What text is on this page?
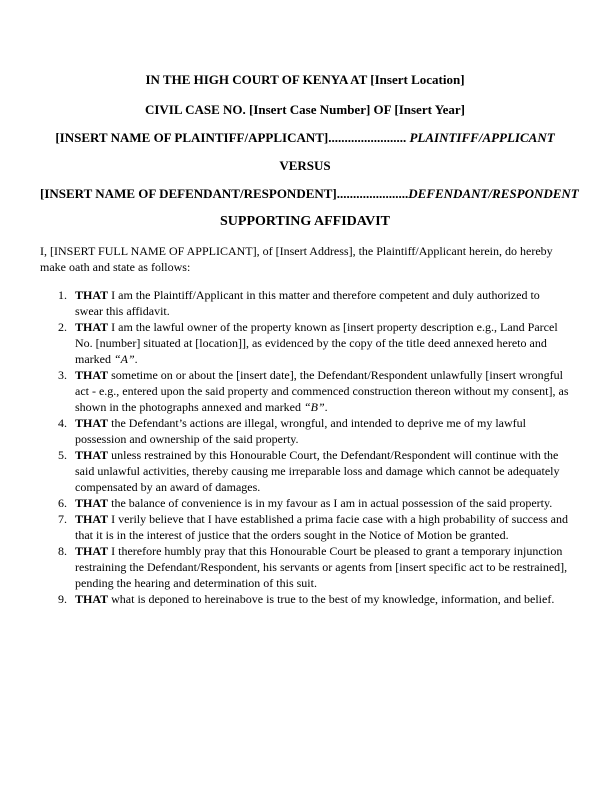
IN THE HIGH COURT OF KENYA AT [Insert Location]
CIVIL CASE NO. [Insert Case Number] OF [Insert Year]
[INSERT NAME OF PLAINTIFF/APPLICANT]........................ PLAINTIFF/APPLICANT
VERSUS
[INSERT NAME OF DEFENDANT/RESPONDENT]......................DEFENDANT/RESPONDENT
SUPPORTING AFFIDAVIT

I, [INSERT FULL NAME OF APPLICANT], of [Insert Address], the Plaintiff/Applicant herein, do hereby make oath and state as follows:

1. THAT I am the Plaintiff/Applicant in this matter and therefore competent and duly authorized to swear this affidavit.
2. THAT I am the lawful owner of the property known as [insert property description e.g., Land Parcel No. [number] situated at [location]], as evidenced by the copy of the title deed annexed hereto and marked “A”.
3. THAT sometime on or about the [insert date], the Defendant/Respondent unlawfully [insert wrongful act - e.g., entered upon the said property and commenced construction thereon without my consent], as shown in the photographs annexed and marked “B”.
4. THAT the Defendant’s actions are illegal, wrongful, and intended to deprive me of my lawful possession and ownership of the said property.
5. THAT unless restrained by this Honourable Court, the Defendant/Respondent will continue with the said unlawful activities, thereby causing me irreparable loss and damage which cannot be adequately compensated by an award of damages.
6. THAT the balance of convenience is in my favour as I am in actual possession of the said property.
7. THAT I verily believe that I have established a prima facie case with a high probability of success and that it is in the interest of justice that the orders sought in the Notice of Motion be granted.
8. THAT I therefore humbly pray that this Honourable Court be pleased to grant a temporary injunction restraining the Defendant/Respondent, his servants or agents from [insert specific act to be restrained], pending the hearing and determination of this suit.
9. THAT what is deponed to hereinabove is true to the best of my knowledge, information, and belief.
